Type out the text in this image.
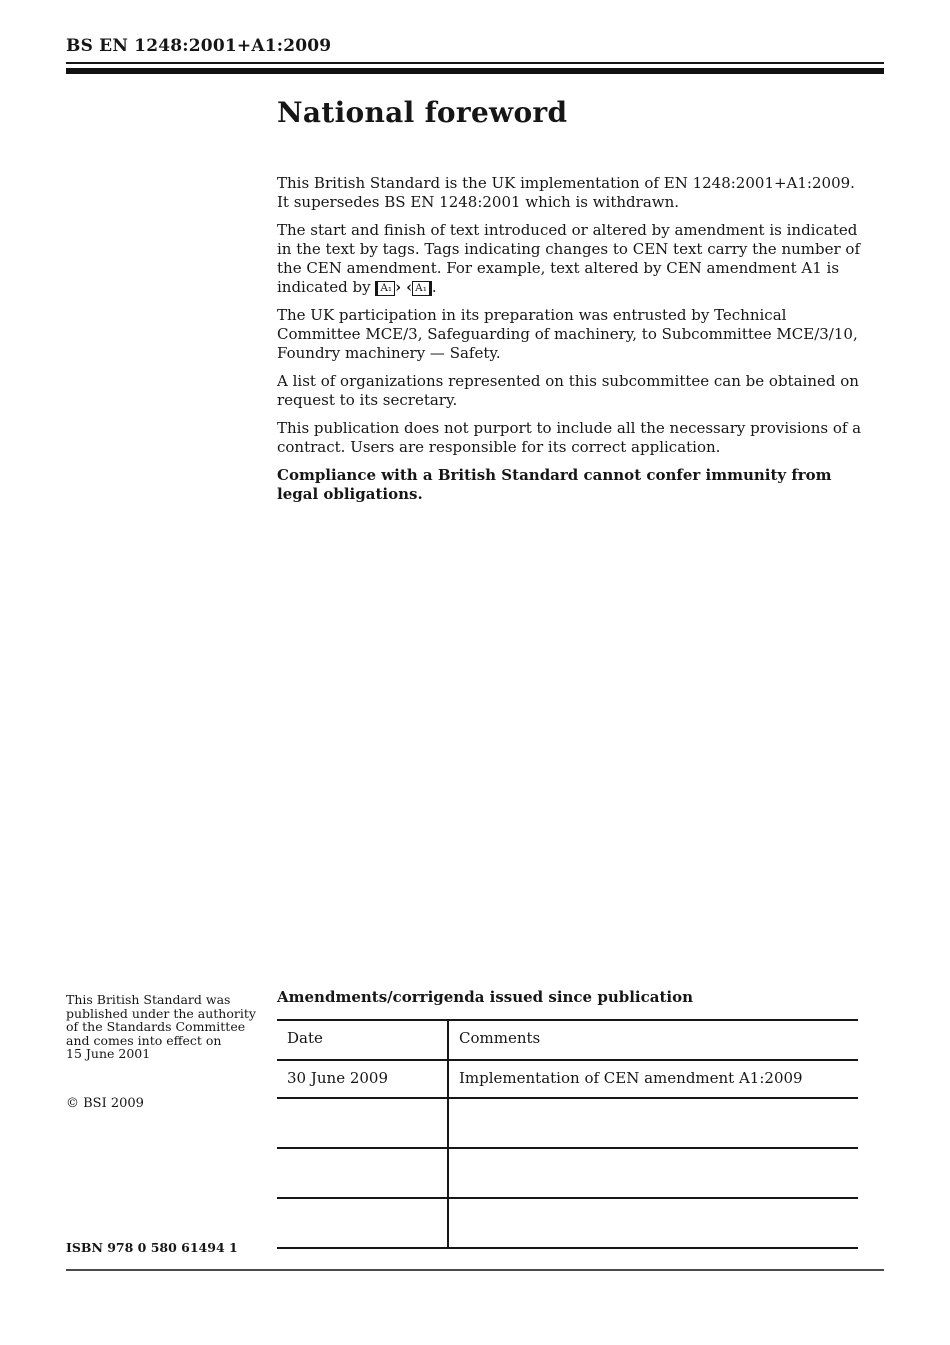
BS EN 1248:2001+A1:2009
National foreword
This British Standard is the UK implementation of EN 1248:2001+A1:2009.
It supersedes BS EN 1248:2001 which is withdrawn.
The start and finish of text introduced or altered by amendment is indicated
in the text by tags. Tags indicating changes to CEN text carry the number of
the CEN amendment. For example, text altered by CEN amendment A1 is
indicated by A₁ › ‹ A₁ .
The UK participation in its preparation was entrusted by Technical
Committee MCE/3, Safeguarding of machinery, to Subcommittee MCE/3/10,
Foundry machinery — Safety.
A list of organizations represented on this subcommittee can be obtained on
request to its secretary.
This publication does not purport to include all the necessary provisions of a
contract. Users are responsible for its correct application.
Compliance with a British Standard cannot confer immunity from
legal obligations.
This British Standard was
published under the authority
of the Standards Committee
and comes into effect on
15 June 2001
© BSI 2009
ISBN 978 0 580 61494 1
Amendments/corrigenda issued since publication
Date	Comments
30 June 2009	Implementation of CEN amendment A1:2009
